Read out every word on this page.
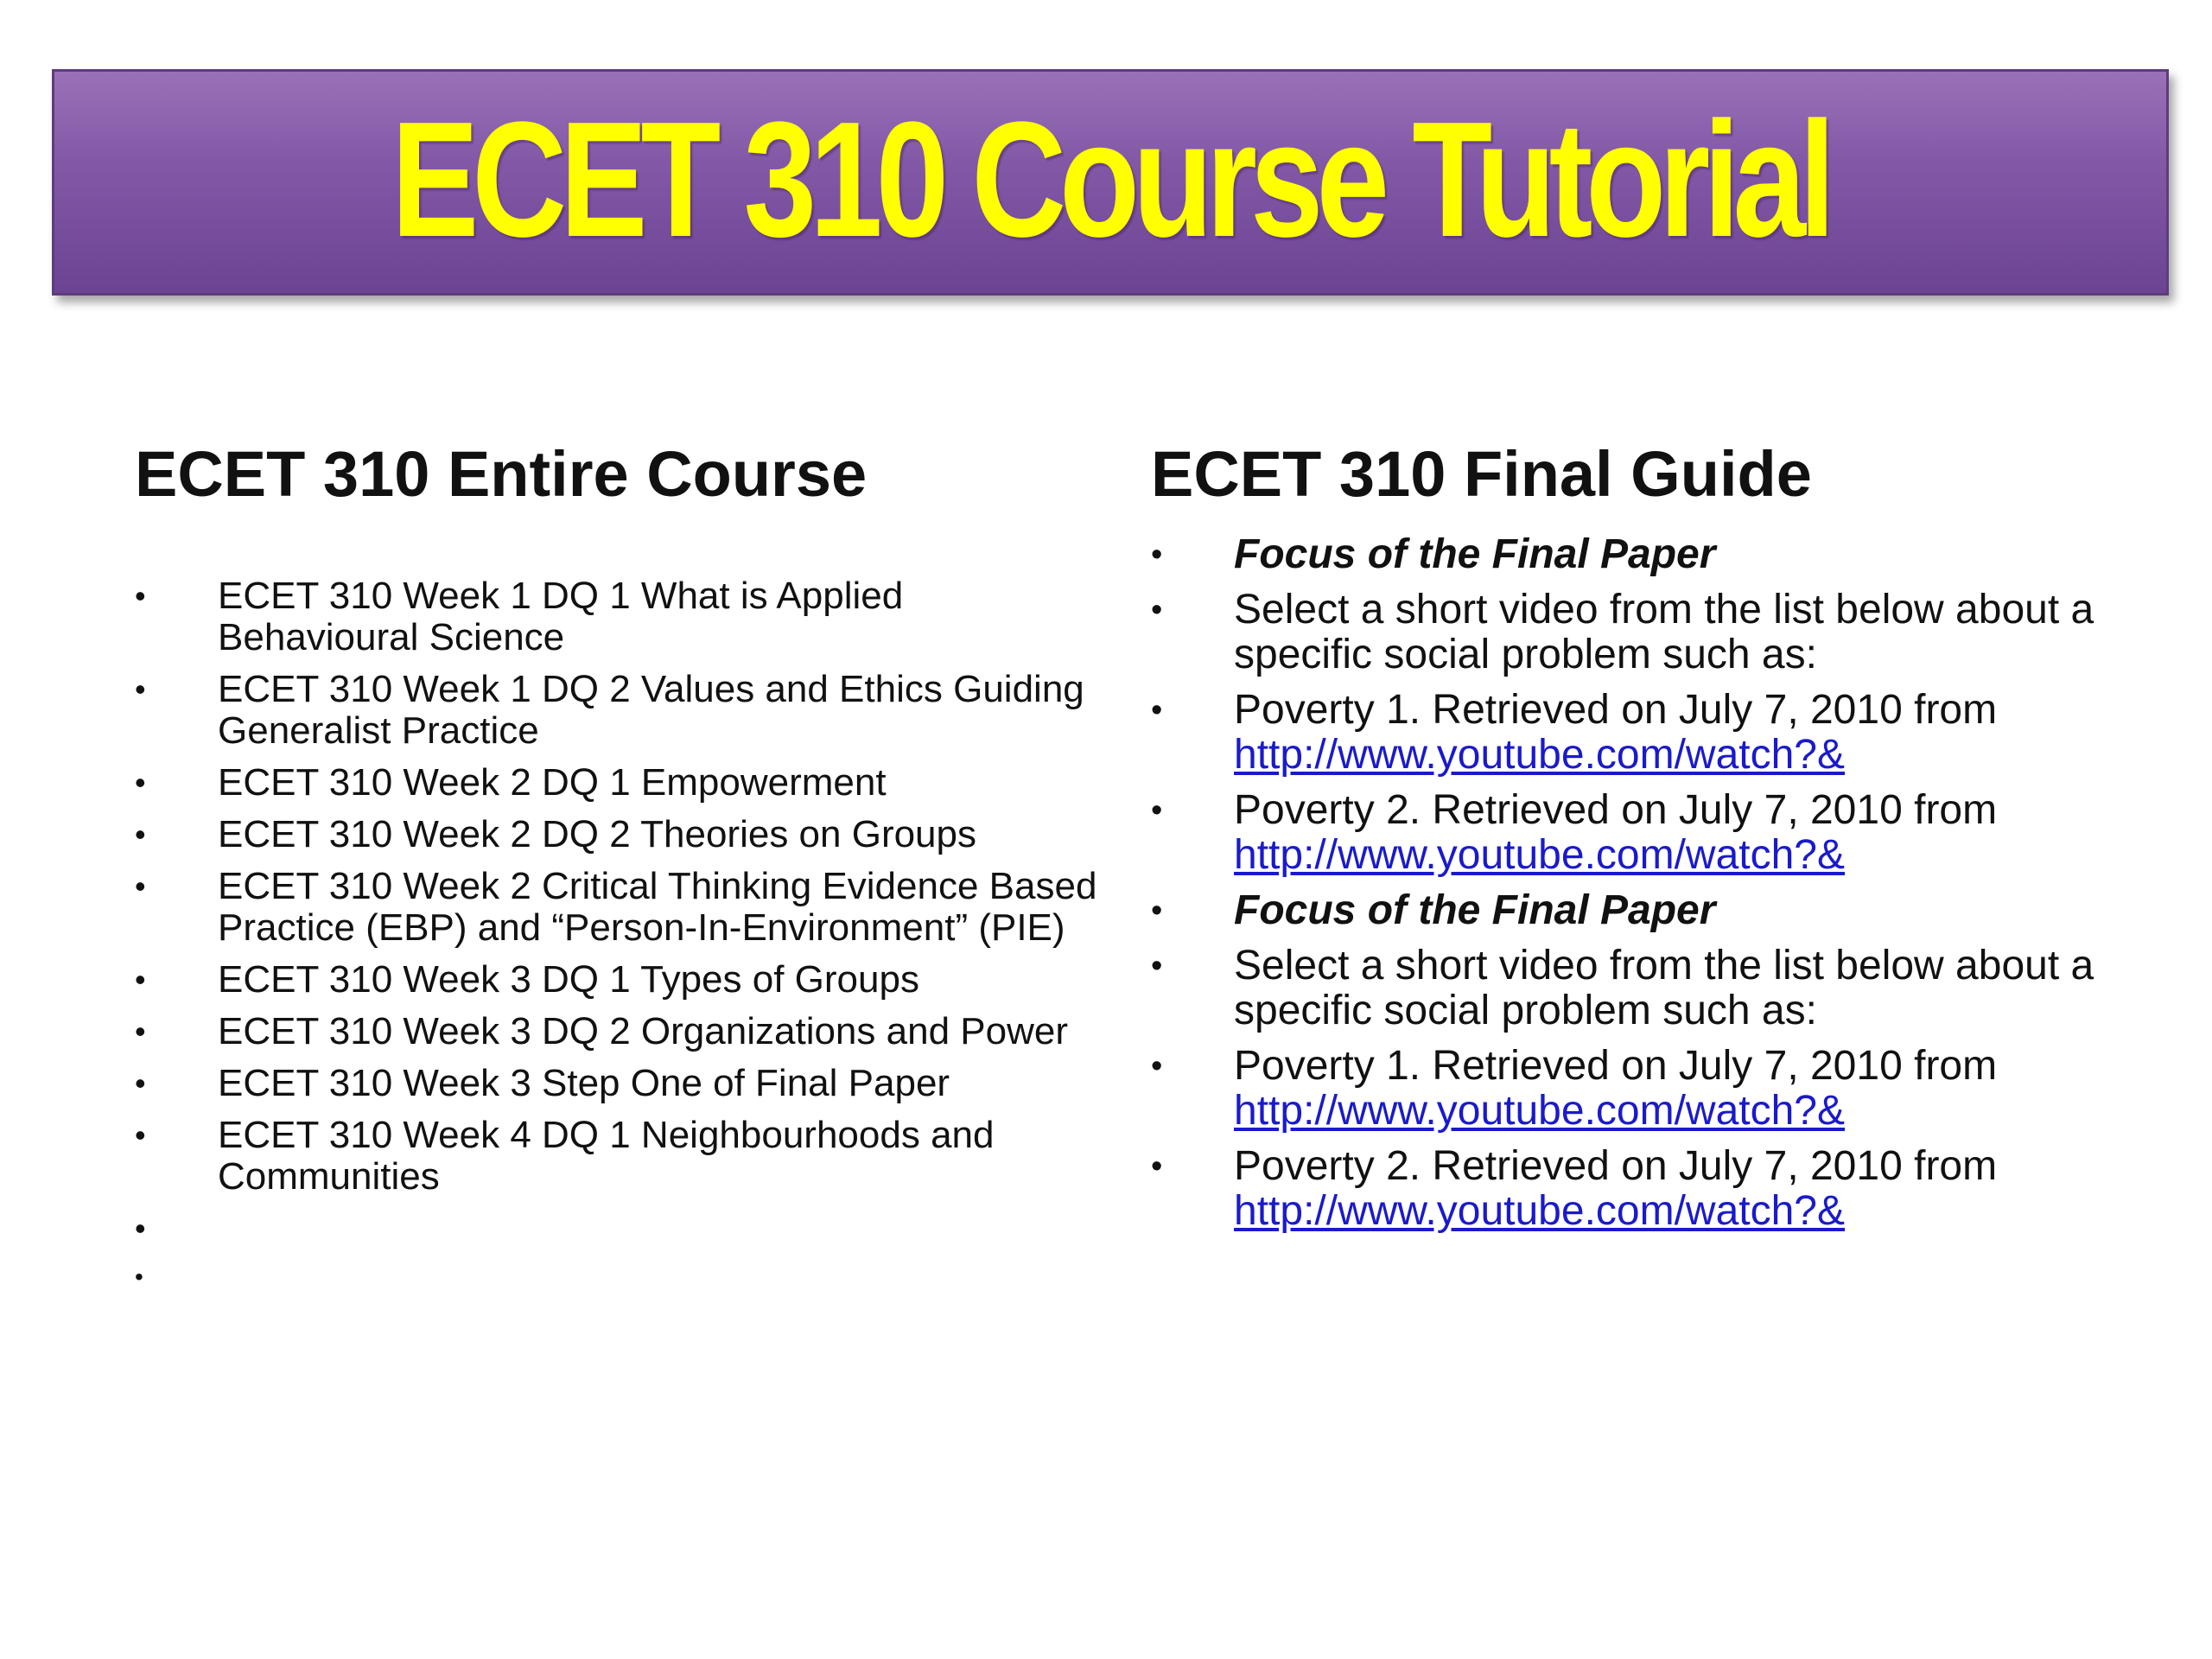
ECET 310 Course Tutorial
ECET 310 Entire Course
• ECET 310 Week 1 DQ 1 What is Applied Behavioural Science
• ECET 310 Week 1 DQ 2 Values and Ethics Guiding Generalist Practice
• ECET 310 Week 2 DQ 1 Empowerment
• ECET 310 Week 2 DQ 2 Theories on Groups
• ECET 310 Week 2 Critical Thinking Evidence Based Practice (EBP) and “Person-In-Environment” (PIE)
• ECET 310 Week 3 DQ 1 Types of Groups
• ECET 310 Week 3 DQ 2 Organizations and Power
• ECET 310 Week 3 Step One of Final Paper
• ECET 310 Week 4 DQ 1 Neighbourhoods and Communities
•
•
ECET 310 Final Guide
• Focus of the Final Paper
• Select a short video from the list below about a specific social problem such as:
• Poverty 1. Retrieved on July 7, 2010 from
http://www.youtube.com/watch?&
• Poverty 2. Retrieved on July 7, 2010 from
http://www.youtube.com/watch?&
• Focus of the Final Paper
• Select a short video from the list below about a specific social problem such as:
• Poverty 1. Retrieved on July 7, 2010 from
http://www.youtube.com/watch?&
• Poverty 2. Retrieved on July 7, 2010 from
http://www.youtube.com/watch?&
